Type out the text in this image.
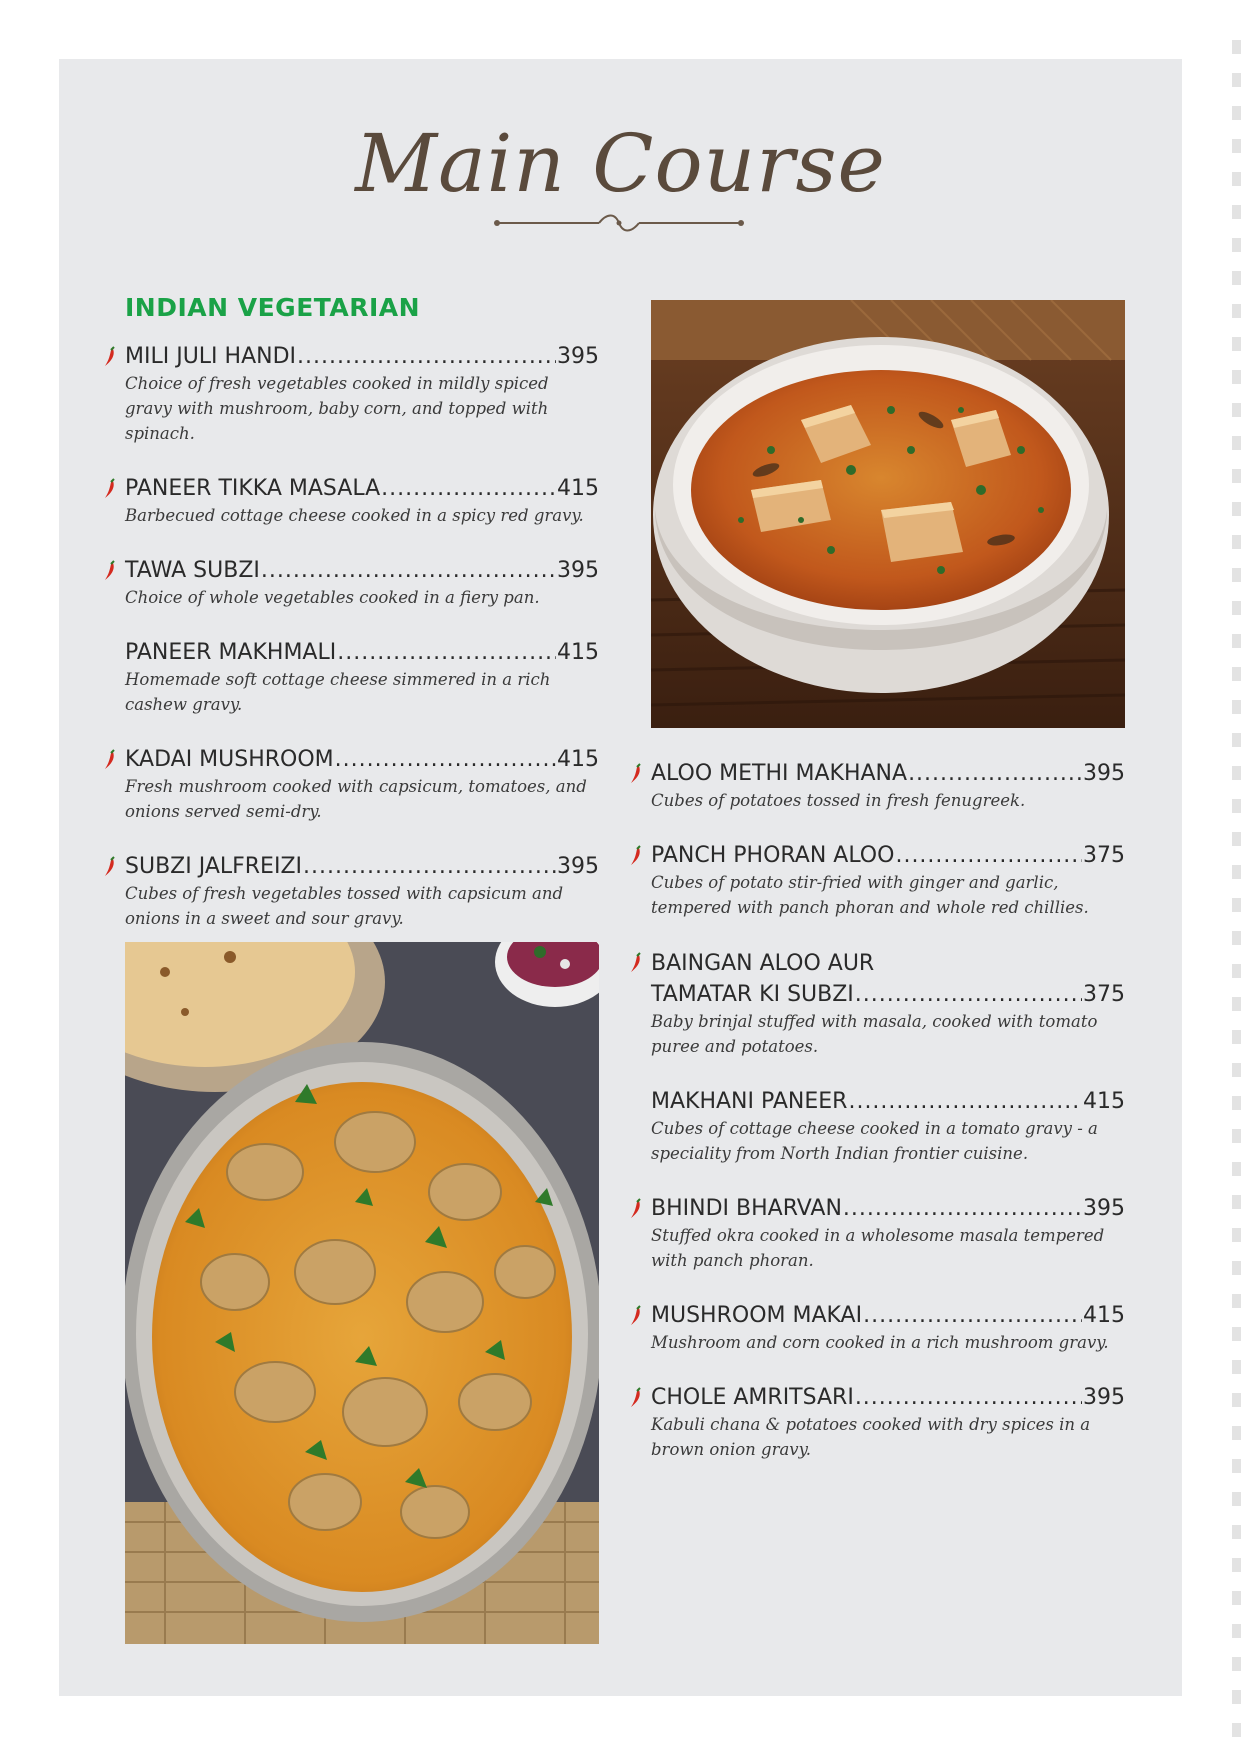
Main Course
INDIAN VEGETARIAN
MILI JULI HANDI .....	395
Choice of fresh vegetables cooked in mildly spiced gravy with mushroom, baby corn, and topped with spinach.
PANEER TIKKA MASALA .....	415
Barbecued cottage cheese cooked in a spicy red gravy.
TAWA SUBZI .....	395
Choice of whole vegetables cooked in a fiery pan.
PANEER MAKHMALI .....	415
Homemade soft cottage cheese simmered in a rich cashew gravy.
KADAI MUSHROOM .....	415
Fresh mushroom cooked with capsicum, tomatoes, and onions served semi-dry.
SUBZI JALFREIZI .....	395
Cubes of fresh vegetables tossed with capsicum and onions in a sweet and sour gravy.
ALOO METHI MAKHANA .....	395
Cubes of potatoes tossed in fresh fenugreek.
PANCH PHORAN ALOO .....	375
Cubes of potato stir-fried with ginger and garlic, tempered with panch phoran and whole red chillies.
BAINGAN ALOO AUR
TAMATAR KI SUBZI .....	375
Baby brinjal stuffed with masala, cooked with tomato puree and potatoes.
MAKHANI PANEER .....	415
Cubes of cottage cheese cooked in a tomato gravy - a speciality from North Indian frontier cuisine.
BHINDI BHARVAN .....	395
Stuffed okra cooked in a wholesome masala tempered with panch phoran.
MUSHROOM MAKAI .....	415
Mushroom and corn cooked in a rich mushroom gravy.
CHOLE AMRITSARI .....	395
Kabuli chana & potatoes cooked with dry spices in a brown onion gravy.
